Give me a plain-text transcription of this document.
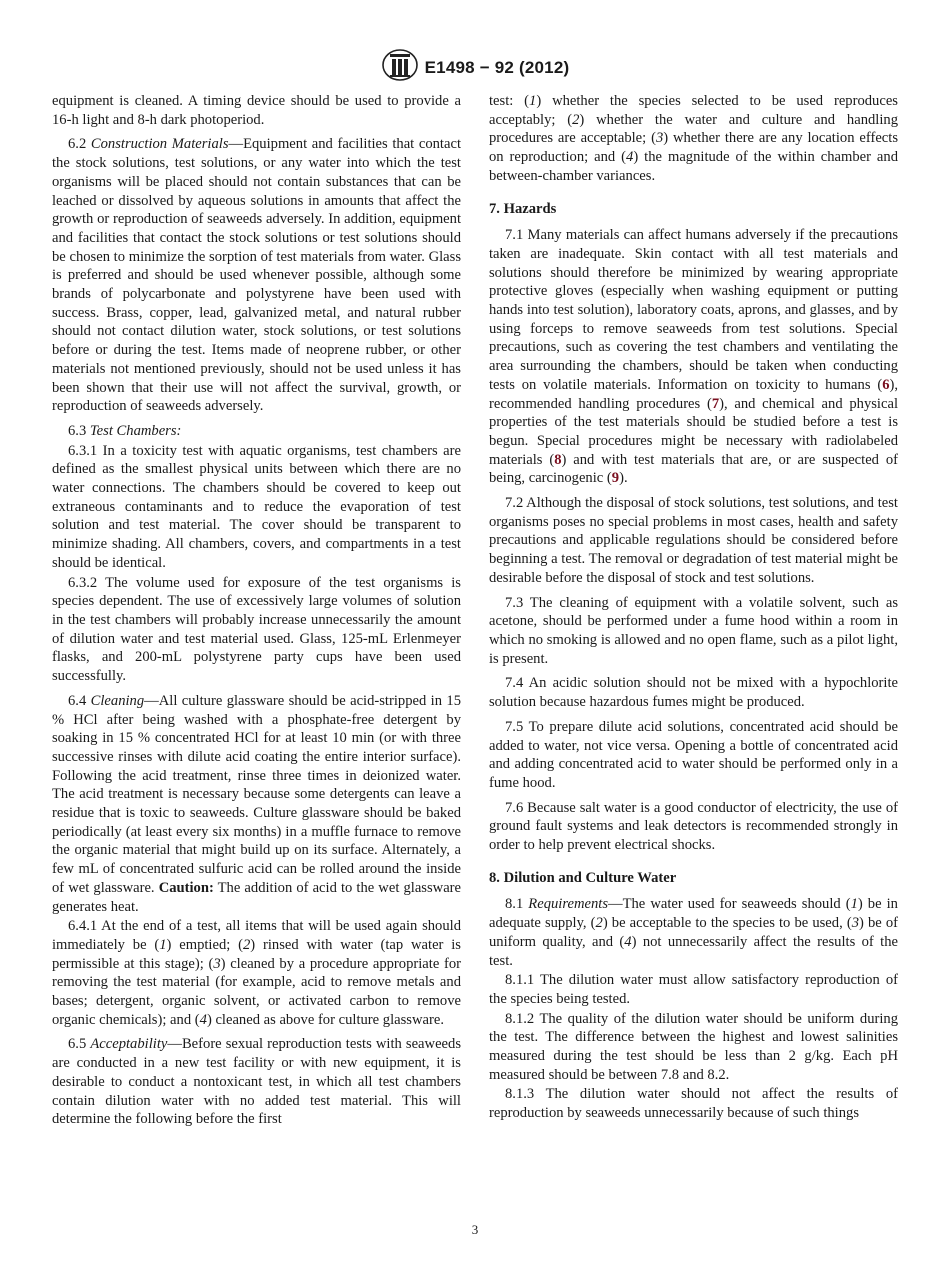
E1498 − 92 (2012)

equipment is cleaned. A timing device should be used to provide a 16-h light and 8-h dark photoperiod.

6.2 Construction Materials—Equipment and facilities that contact the stock solutions, test solutions, or any water into which the test organisms will be placed should not contain substances that can be leached or dissolved by aqueous solutions in amounts that affect the growth or reproduction of seaweeds adversely. In addition, equipment and facilities that contact the stock solutions or test solutions should be chosen to minimize the sorption of test materials from water. Glass is preferred and should be used whenever possible, although some brands of polycarbonate and polystyrene have been used with success. Brass, copper, lead, galvanized metal, and natural rubber should not contact dilution water, stock solutions, or test solutions before or during the test. Items made of neoprene rubber, or other materials not mentioned previously, should not be used unless it has been shown that their use will not affect the survival, growth, or reproduction of seaweeds adversely.

6.3 Test Chambers:

6.3.1 In a toxicity test with aquatic organisms, test chambers are defined as the smallest physical units between which there are no water connections. The chambers should be covered to keep out extraneous contaminants and to reduce the evaporation of test solution and test material. The cover should be transparent to minimize shading. All chambers, covers, and compartments in a test should be identical.

6.3.2 The volume used for exposure of the test organisms is species dependent. The use of excessively large volumes of solution in the test chambers will probably increase unnecessarily the amount of dilution water and test material used. Glass, 125-mL Erlenmeyer flasks, and 200-mL polystyrene party cups have been used successfully.

6.4 Cleaning—All culture glassware should be acid-stripped in 15 % HCl after being washed with a phosphate-free detergent by soaking in 15 % concentrated HCl for at least 10 min (or with three successive rinses with dilute acid coating the entire interior surface). Following the acid treatment, rinse three times in deionized water. The acid treatment is necessary because some detergents can leave a residue that is toxic to seaweeds. Culture glassware should be baked periodically (at least every six months) in a muffle furnace to remove the organic material that might build up on its surface. Alternately, a few mL of concentrated sulfuric acid can be rolled around the inside of wet glassware. Caution: The addition of acid to the wet glassware generates heat.

6.4.1 At the end of a test, all items that will be used again should immediately be (1) emptied; (2) rinsed with water (tap water is permissible at this stage); (3) cleaned by a procedure appropriate for removing the test material (for example, acid to remove metals and bases; detergent, organic solvent, or activated carbon to remove organic chemicals); and (4) cleaned as above for culture glassware.

6.5 Acceptability—Before sexual reproduction tests with seaweeds are conducted in a new test facility or with new equipment, it is desirable to conduct a nontoxicant test, in which all test chambers contain dilution water with no added test material. This will determine the following before the first

test: (1) whether the species selected to be used reproduces acceptably; (2) whether the water and culture and handling procedures are acceptable; (3) whether there are any location effects on reproduction; and (4) the magnitude of the within chamber and between-chamber variances.

7. Hazards

7.1 Many materials can affect humans adversely if the precautions taken are inadequate. Skin contact with all test materials and solutions should therefore be minimized by wearing appropriate protective gloves (especially when washing equipment or putting hands into test solution), laboratory coats, aprons, and glasses, and by using forceps to remove seaweeds from test solutions. Special precautions, such as covering the test chambers and ventilating the area surrounding the chambers, should be taken when conducting tests on volatile materials. Information on toxicity to humans (6), recommended handling procedures (7), and chemical and physical properties of the test materials should be studied before a test is begun. Special procedures might be necessary with radiolabeled materials (8) and with test materials that are, or are suspected of being, carcinogenic (9).

7.2 Although the disposal of stock solutions, test solutions, and test organisms poses no special problems in most cases, health and safety precautions and applicable regulations should be considered before beginning a test. The removal or degradation of test material might be desirable before the disposal of stock and test solutions.

7.3 The cleaning of equipment with a volatile solvent, such as acetone, should be performed under a fume hood within a room in which no smoking is allowed and no open flame, such as a pilot light, is present.

7.4 An acidic solution should not be mixed with a hypochlorite solution because hazardous fumes might be produced.

7.5 To prepare dilute acid solutions, concentrated acid should be added to water, not vice versa. Opening a bottle of concentrated acid and adding concentrated acid to water should be performed only in a fume hood.

7.6 Because salt water is a good conductor of electricity, the use of ground fault systems and leak detectors is recommended strongly in order to help prevent electrical shocks.

8. Dilution and Culture Water

8.1 Requirements—The water used for seaweeds should (1) be in adequate supply, (2) be acceptable to the species to be used, (3) be of uniform quality, and (4) not unnecessarily affect the results of the test.

8.1.1 The dilution water must allow satisfactory reproduction of the species being tested.

8.1.2 The quality of the dilution water should be uniform during the test. The difference between the highest and lowest salinities measured during the test should be less than 2 g/kg. Each pH measured should be between 7.8 and 8.2.

8.1.3 The dilution water should not affect the results of reproduction by seaweeds unnecessarily because of such things

3
